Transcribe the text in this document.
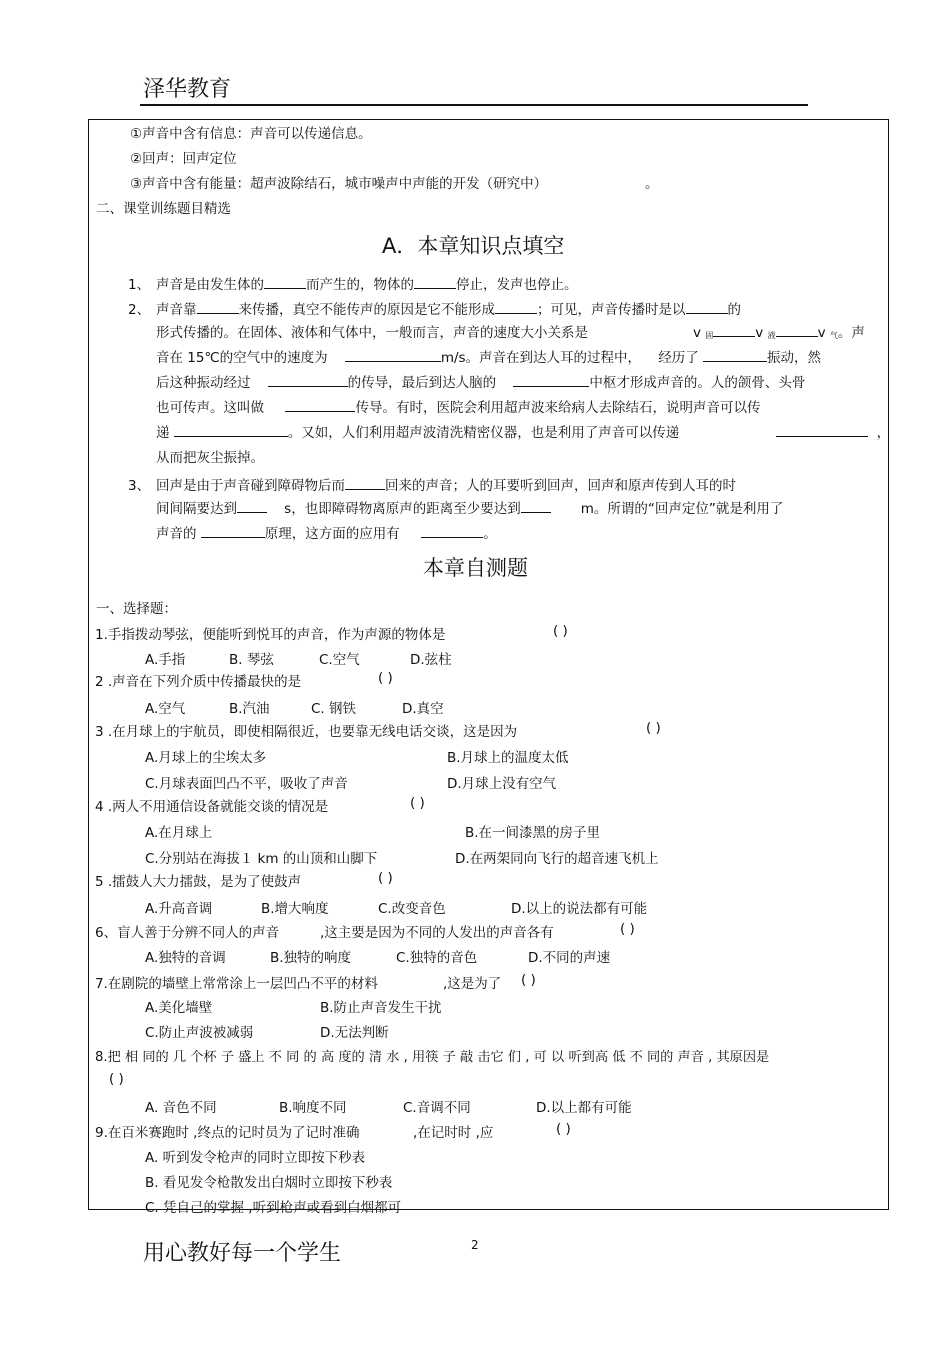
泽华教育
①声音中含有信息：声音可以传递信息。
②回声：回声定位
③声音中含有能量：超声波除结石，城市噪声中声能的开发（研究中）	。
二、课堂训练题目精选
A．本章知识点填空
1、 声音是由发生体的	而产生的，物体的	停止，发声也停止。
2、 声音靠	来传播，真空不能传声的原因是它不能形成	；可见，声音传播时是以	的
形式传播的。在固体、液体和气体中，一般而言，声音的速度大小关系是	v $_固$	v $_液$	v $_气$。声
音在 15℃的空气中的速度为	m/s。声音在到达人耳的过程中， 经历了	振动，然
后这种振动经过	的传导，最后到达人脑的	中枢才形成声音的。人的颌骨、头骨
也可传声。这叫做	传导。有时，医院会利用超声波来给病人去除结石，说明声音可以传
递	。又如，人们利用超声波清洗精密仪器，也是利用了声音可以传递	，
从而把灰尘振掉。
3、 回声是由于声音碰到障碍物后而	回来的声音；人的耳要听到回声，回声和原声传到人耳的时
间间隔要达到	s，也即障碍物离原声的距离至少要达到	m。所谓的“回声定位”就是利用了
声音的	原理，这方面的应用有	。
本章自测题
一、选择题：
1.手指拨动琴弦，便能听到悦耳的声音，作为声源的物体是	( )
A.手指	B. 琴弦	C.空气	D.弦柱
2 .声音在下列介质中传播最快的是	( )
A.空气	B.汽油	C. 钢铁	D.真空
3 .在月球上的宇航员，即使相隔很近，也要靠无线电话交谈，这是因为	( )
A.月球上的尘埃太多	B.月球上的温度太低
C.月球表面凹凸不平，吸收了声音	D.月球上没有空气
4 .两人不用通信设备就能交谈的情况是	( )
A.在月球上	B.在一间漆黑的房子里
C.分别站在海拔１ km 的山顶和山脚下	D.在两架同向飞行的超音速飞机上
5 .擂鼓人大力擂鼓，是为了使鼓声	( )
A.升高音调	B.增大响度	C.改变音色	D.以上的说法都有可能
6、盲人善于分辨不同人的声音	,这主要是因为不同的人发出的声音各有	( )
A.独特的音调	B.独特的响度	C.独特的音色	D.不同的声速
7.在剧院的墙壁上常常涂上一层凹凸不平的材料	,这是为了 ( )
A.美化墙壁	B.防止声音发生干扰
C.防止声波被减弱	D.无法判断
8.把 相 同的 几 个杯 子 盛上 不 同 的 高 度的 清 水 , 用筷 子 敲 击它 们 , 可 以 听到高 低 不 同的 声音 , 其原因是
( )
A. 音色不同	B.响度不同	C.音调不同	D.以上都有可能
9.在百米赛跑时 ,终点的记时员为了记时准确	,在记时时 ,应	( )
A. 听到发令枪声的同时立即按下秒表
B. 看见发令枪散发出白烟时立即按下秒表
C. 凭自己的掌握 ,听到枪声或看到白烟都可
用心教好每一个学生	2
